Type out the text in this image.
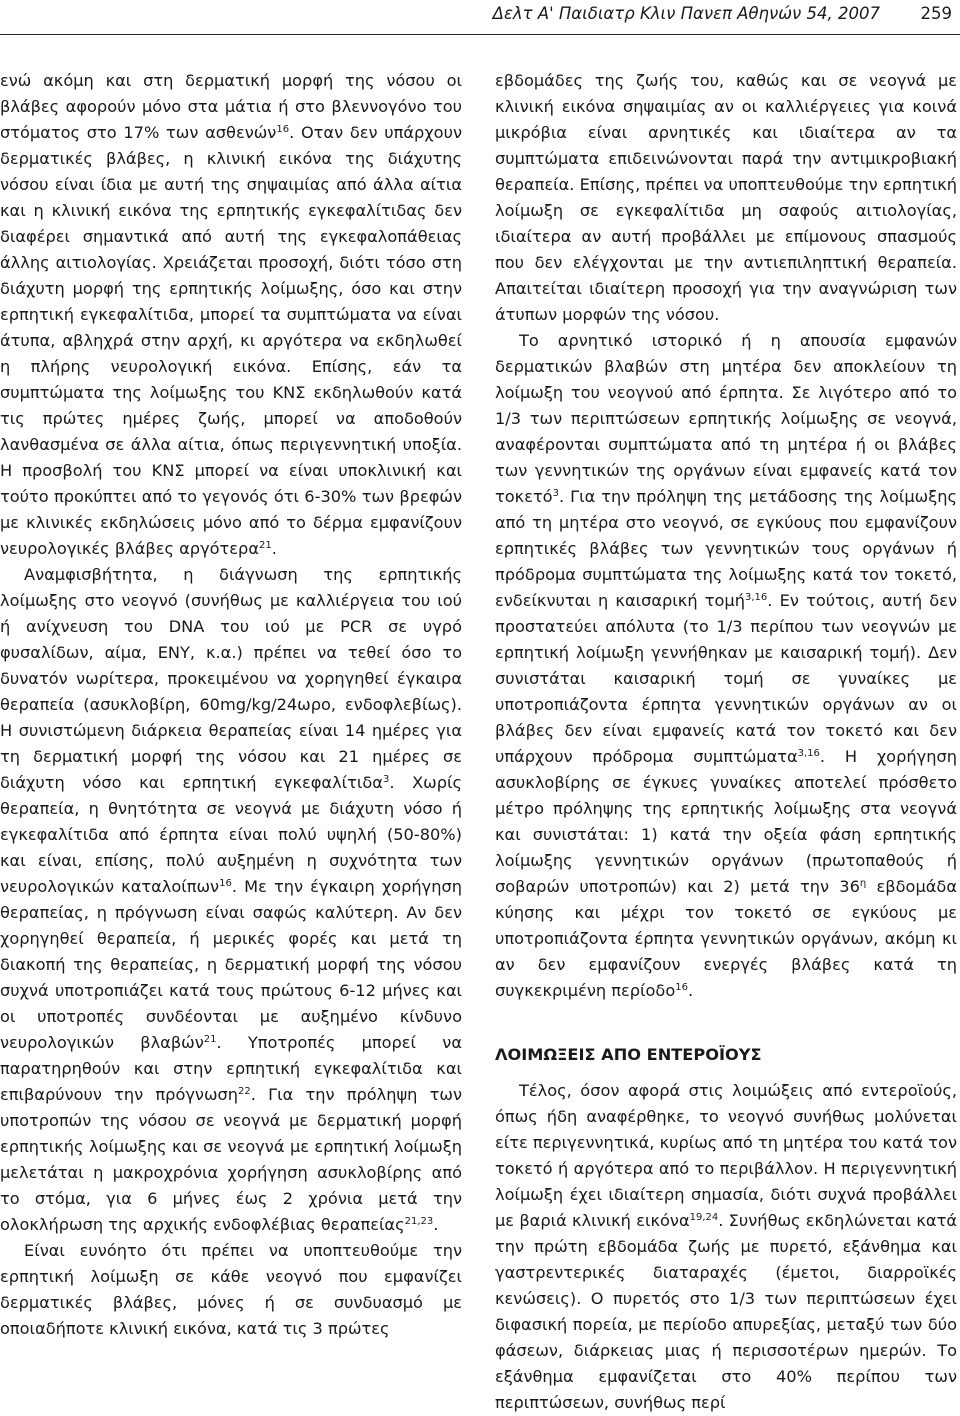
Δελτ Α' Παιδιατρ Κλιν Πανεπ Αθηνών 54, 2007 259

ενώ ακόμη και στη δερματική μορφή της νόσου οι βλάβες αφορούν μόνο στα μάτια ή στο βλεννογόνο του στόματος στο 17% των ασθενών$^{16}$. Οταν δεν υπάρχουν δερματικές βλάβες, η κλινική εικόνα της διάχυτης νόσου είναι ίδια με αυτή της σηψαιμίας από άλλα αίτια και η κλινική εικόνα της ερπητικής εγκεφαλίτιδας δεν διαφέρει σημαντικά από αυτή της εγκεφαλοπάθειας άλλης αιτιολογίας. Χρειάζεται προσοχή, διότι τόσο στη διάχυτη μορφή της ερπητικής λοίμωξης, όσο και στην ερπητική εγκεφαλίτιδα, μπορεί τα συμπτώματα να είναι άτυπα, αβληχρά στην αρχή, κι αργότερα να εκδηλωθεί η πλήρης νευρολογική εικόνα. Επίσης, εάν τα συμπτώματα της λοίμωξης του ΚΝΣ εκδηλωθούν κατά τις πρώτες ημέρες ζωής, μπορεί να αποδοθούν λανθασμένα σε άλλα αίτια, όπως περιγεννητική υποξία. Η προσβολή του ΚΝΣ μπορεί να είναι υποκλινική και τούτο προκύπτει από το γεγονός ότι 6-30% των βρεφών με κλινικές εκδηλώσεις μόνο από το δέρμα εμφανίζουν νευρολογικές βλάβες αργότερα$^{21}$.

Αναμφισβήτητα, η διάγνωση της ερπητικής λοίμωξης στο νεογνό (συνήθως με καλλιέργεια του ιού ή ανίχνευση του DNA του ιού με PCR σε υγρό φυσαλίδων, αίμα, ΕΝΥ, κ.α.) πρέπει να τεθεί όσο το δυνατόν νωρίτερα, προκειμένου να χορηγηθεί έγκαιρα θεραπεία (ασυκλοβίρη, 60mg/kg/24ωρο, ενδοφλεβίως). Η συνιστώμενη διάρκεια θεραπείας είναι 14 ημέρες για τη δερματική μορφή της νόσου και 21 ημέρες σε διάχυτη νόσο και ερπητική εγκεφαλίτιδα$^3$. Χωρίς θεραπεία, η θνητότητα σε νεογνά με διάχυτη νόσο ή εγκεφαλίτιδα από έρπητα είναι πολύ υψηλή (50-80%) και είναι, επίσης, πολύ αυξημένη η συχνότητα των νευρολογικών καταλοίπων$^{16}$. Με την έγκαιρη χορήγηση θεραπείας, η πρόγνωση είναι σαφώς καλύτερη. Αν δεν χορηγηθεί θεραπεία, ή μερικές φορές και μετά τη διακοπή της θεραπείας, η δερματική μορφή της νόσου συχνά υποτροπιάζει κατά τους πρώτους 6-12 μήνες και οι υποτροπές συνδέονται με αυξημένο κίνδυνο νευρολογικών βλαβών$^{21}$. Υποτροπές μπορεί να παρατηρηθούν και στην ερπητική εγκεφαλίτιδα και επιβαρύνουν την πρόγνωση$^{22}$. Για την πρόληψη των υποτροπών της νόσου σε νεογνά με δερματική μορφή ερπητικής λοίμωξης και σε νεογνά με ερπητική λοίμωξη μελετάται η μακροχρόνια χορήγηση ασυκλοβίρης από το στόμα, για 6 μήνες έως 2 χρόνια μετά την ολοκλήρωση της αρχικής ενδοφλέβιας θεραπείας$^{21,23}$.

Είναι ευνόητο ότι πρέπει να υποπτευθούμε την ερπητική λοίμωξη σε κάθε νεογνό που εμφανίζει δερματικές βλάβες, μόνες ή σε συνδυασμό με οποιαδήποτε κλινική εικόνα, κατά τις 3 πρώτες

εβδομάδες της ζωής του, καθώς και σε νεογνά με κλινική εικόνα σηψαιμίας αν οι καλλιέργειες για κοινά μικρόβια είναι αρνητικές και ιδιαίτερα αν τα συμπτώματα επιδεινώνονται παρά την αντιμικροβιακή θεραπεία. Επίσης, πρέπει να υποπτευθούμε την ερπητική λοίμωξη σε εγκεφαλίτιδα μη σαφούς αιτιολογίας, ιδιαίτερα αν αυτή προβάλλει με επίμονους σπασμούς που δεν ελέγχονται με την αντιεπιληπτική θεραπεία. Απαιτείται ιδιαίτερη προσοχή για την αναγνώριση των άτυπων μορφών της νόσου.

Το αρνητικό ιστορικό ή η απουσία εμφανών δερματικών βλαβών στη μητέρα δεν αποκλείουν τη λοίμωξη του νεογνού από έρπητα. Σε λιγότερο από το 1/3 των περιπτώσεων ερπητικής λοίμωξης σε νεογνά, αναφέρονται συμπτώματα από τη μητέρα ή οι βλάβες των γεννητικών της οργάνων είναι εμφανείς κατά τον τοκετό$^3$. Για την πρόληψη της μετάδοσης της λοίμωξης από τη μητέρα στο νεογνό, σε εγκύους που εμφανίζουν ερπητικές βλάβες των γεννητικών τους οργάνων ή πρόδρομα συμπτώματα της λοίμωξης κατά τον τοκετό, ενδείκνυται η καισαρική τομή$^{3,16}$. Εν τούτοις, αυτή δεν προστατεύει απόλυτα (το 1/3 περίπου των νεογνών με ερπητική λοίμωξη γεννήθηκαν με καισαρική τομή). Δεν συνιστάται καισαρική τομή σε γυναίκες με υποτροπιάζοντα έρπητα γεννητικών οργάνων αν οι βλάβες δεν είναι εμφανείς κατά τον τοκετό και δεν υπάρχουν πρόδρομα συμπτώματα$^{3,16}$. Η χορήγηση ασυκλοβίρης σε έγκυες γυναίκες αποτελεί πρόσθετο μέτρο πρόληψης της ερπητικής λοίμωξης στα νεογνά και συνιστάται: 1) κατά την οξεία φάση ερπητικής λοίμωξης γεννητικών οργάνων (πρωτοπαθούς ή σοβαρών υποτροπών) και 2) μετά την $36^\eta$ εβδομάδα κύησης και μέχρι τον τοκετό σε εγκύους με υποτροπιάζοντα έρπητα γεννητικών οργάνων, ακόμη κι αν δεν εμφανίζουν ενεργές βλάβες κατά τη συγκεκριμένη περίοδο$^{16}$.

ΛΟΙΜΩΞΕΙΣ ΑΠΟ ΕΝΤΕΡΟΪΟΥΣ

Τέλος, όσον αφορά στις λοιμώξεις από εντεροϊούς, όπως ήδη αναφέρθηκε, το νεογνό συνήθως μολύνεται είτε περιγεννητικά, κυρίως από τη μητέρα του κατά τον τοκετό ή αργότερα από το περιβάλλον. Η περιγεννητική λοίμωξη έχει ιδιαίτερη σημασία, διότι συχνά προβάλλει με βαριά κλινική εικόνα$^{19,24}$. Συνήθως εκδηλώνεται κατά την πρώτη εβδομάδα ζωής με πυρετό, εξάνθημα και γαστρεντερικές διαταραχές (έμετοι, διαρροϊκές κενώσεις). Ο πυρετός στο 1/3 των περιπτώσεων έχει διφασική πορεία, με περίοδο απυρεξίας, μεταξύ των δύο φάσεων, διάρκειας μιας ή περισσοτέρων ημερών. Το εξάνθημα εμφανίζεται στο 40% περίπου των περιπτώσεων, συνήθως περί
